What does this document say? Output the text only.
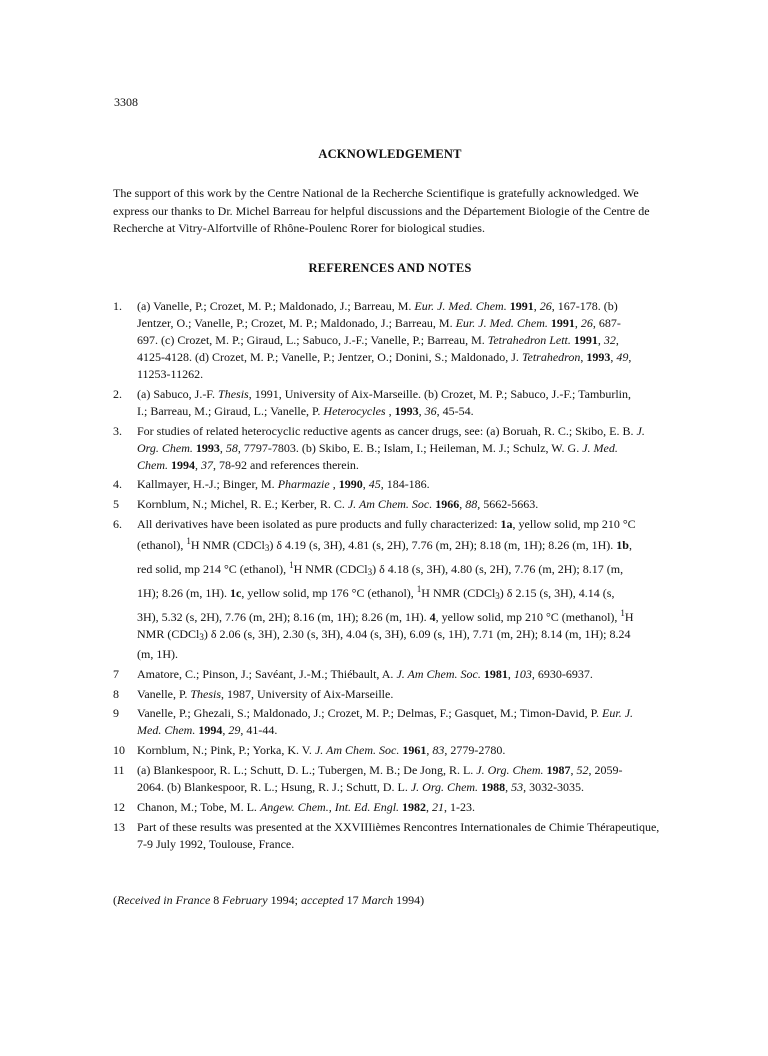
3308
ACKNOWLEDGEMENT
The support of this work by the Centre National de la Recherche Scientifique is gratefully acknowledged. We
express our thanks to Dr. Michel Barreau for helpful discussions and the Département Biologie of the Centre de
Recherche at Vitry-Alfortville of Rhône-Poulenc Rorer for biological studies.
REFERENCES AND NOTES
1.	(a) Vanelle, P.; Crozet, M. P.; Maldonado, J.; Barreau, M. Eur. J. Med. Chem. 1991, 26, 167-178. (b)
Jentzer, O.; Vanelle, P.; Crozet, M. P.; Maldonado, J.; Barreau, M. Eur. J. Med. Chem. 1991, 26, 687-
697. (c) Crozet, M. P.; Giraud, L.; Sabuco, J.-F.; Vanelle, P.; Barreau, M. Tetrahedron Lett. 1991, 32,
4125-4128. (d) Crozet, M. P.; Vanelle, P.; Jentzer, O.; Donini, S.; Maldonado, J. Tetrahedron, 1993, 49,
11253-11262.
2.	(a) Sabuco, J.-F. Thesis, 1991, University of Aix-Marseille. (b) Crozet, M. P.; Sabuco, J.-F.; Tamburlin,
I.; Barreau, M.; Giraud, L.; Vanelle, P. Heterocycles , 1993, 36, 45-54.
3.	For studies of related heterocyclic reductive agents as cancer drugs, see: (a) Boruah, R. C.; Skibo, E. B. J.
Org. Chem. 1993, 58, 7797-7803. (b) Skibo, E. B.; Islam, I.; Heileman, M. J.; Schulz, W. G. J. Med.
Chem. 1994, 37, 78-92 and references therein.
4.	Kallmayer, H.-J.; Binger, M. Pharmazie , 1990, 45, 184-186.
5	Kornblum, N.; Michel, R. E.; Kerber, R. C. J. Am Chem. Soc. 1966, 88, 5662-5663.
6.	All derivatives have been isolated as pure products and fully characterized: 1a, yellow solid, mp 210 °C
(ethanol), $^1$H NMR (CDCl$_3$) δ 4.19 (s, 3H), 4.81 (s, 2H), 7.76 (m, 2H); 8.18 (m, 1H); 8.26 (m, 1H). 1b,
red solid, mp 214 °C (ethanol), $^1$H NMR (CDCl$_3$) δ 4.18 (s, 3H), 4.80 (s, 2H), 7.76 (m, 2H); 8.17 (m,
1H); 8.26 (m, 1H). 1c, yellow solid, mp 176 °C (ethanol), $^1$H NMR (CDCl$_3$) δ 2.15 (s, 3H), 4.14 (s,
3H), 5.32 (s, 2H), 7.76 (m, 2H); 8.16 (m, 1H); 8.26 (m, 1H). 4, yellow solid, mp 210 °C (methanol), $^1$H
NMR (CDCl$_3$) δ 2.06 (s, 3H), 2.30 (s, 3H), 4.04 (s, 3H), 6.09 (s, 1H), 7.71 (m, 2H); 8.14 (m, 1H); 8.24
(m, 1H).
7	Amatore, C.; Pinson, J.; Savéant, J.-M.; Thiébault, A. J. Am Chem. Soc. 1981, 103, 6930-6937.
8	Vanelle, P. Thesis, 1987, University of Aix-Marseille.
9	Vanelle, P.; Ghezali, S.; Maldonado, J.; Crozet, M. P.; Delmas, F.; Gasquet, M.; Timon-David, P. Eur. J.
Med. Chem. 1994, 29, 41-44.
10	Kornblum, N.; Pink, P.; Yorka, K. V. J. Am Chem. Soc. 1961, 83, 2779-2780.
11	(a) Blankespoor, R. L.; Schutt, D. L.; Tubergen, M. B.; De Jong, R. L. J. Org. Chem. 1987, 52, 2059-
2064. (b) Blankespoor, R. L.; Hsung, R. J.; Schutt, D. L. J. Org. Chem. 1988, 53, 3032-3035.
12	Chanon, M.; Tobe, M. L. Angew. Chem., Int. Ed. Engl. 1982, 21, 1-23.
13	Part of these results was presented at the XXVIIIièmes Rencontres Internationales de Chimie Thérapeutique,
7-9 July 1992, Toulouse, France.
(Received in France 8 February 1994; accepted 17 March 1994)
